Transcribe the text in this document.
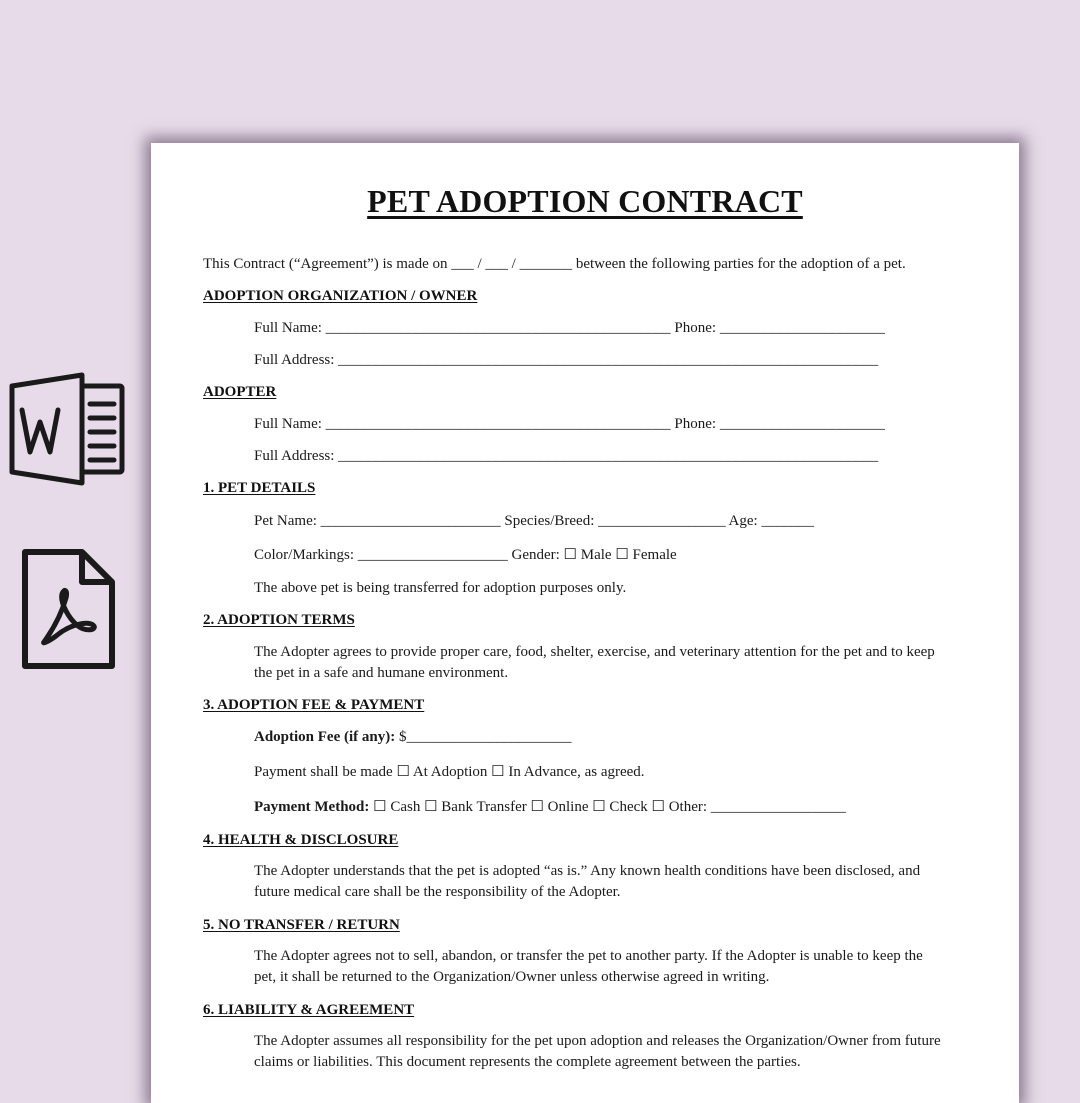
PET ADOPTION CONTRACT
This Contract (“Agreement”) is made on ___ / ___ / _______ between the following parties for the adoption of a pet.
ADOPTION ORGANIZATION / OWNER
Full Name: ______________________________________________ Phone: ______________________
Full Address: ________________________________________________________________________
ADOPTER
Full Name: ______________________________________________ Phone: ______________________
Full Address: ________________________________________________________________________
1. PET DETAILS
Pet Name: ________________________ Species/Breed: _________________ Age: _______
Color/Markings: ____________________ Gender: ☐ Male ☐ Female
The above pet is being transferred for adoption purposes only.
2. ADOPTION TERMS
The Adopter agrees to provide proper care, food, shelter, exercise, and veterinary attention for the pet and to keep
the pet in a safe and humane environment.
3. ADOPTION FEE & PAYMENT
Adoption Fee (if any): $______________________
Payment shall be made ☐ At Adoption ☐ In Advance, as agreed.
Payment Method: ☐ Cash ☐ Bank Transfer ☐ Online ☐ Check ☐ Other: __________________
4. HEALTH & DISCLOSURE
The Adopter understands that the pet is adopted “as is.” Any known health conditions have been disclosed, and
future medical care shall be the responsibility of the Adopter.
5. NO TRANSFER / RETURN
The Adopter agrees not to sell, abandon, or transfer the pet to another party. If the Adopter is unable to keep the
pet, it shall be returned to the Organization/Owner unless otherwise agreed in writing.
6. LIABILITY & AGREEMENT
The Adopter assumes all responsibility for the pet upon adoption and releases the Organization/Owner from future
claims or liabilities. This document represents the complete agreement between the parties.
